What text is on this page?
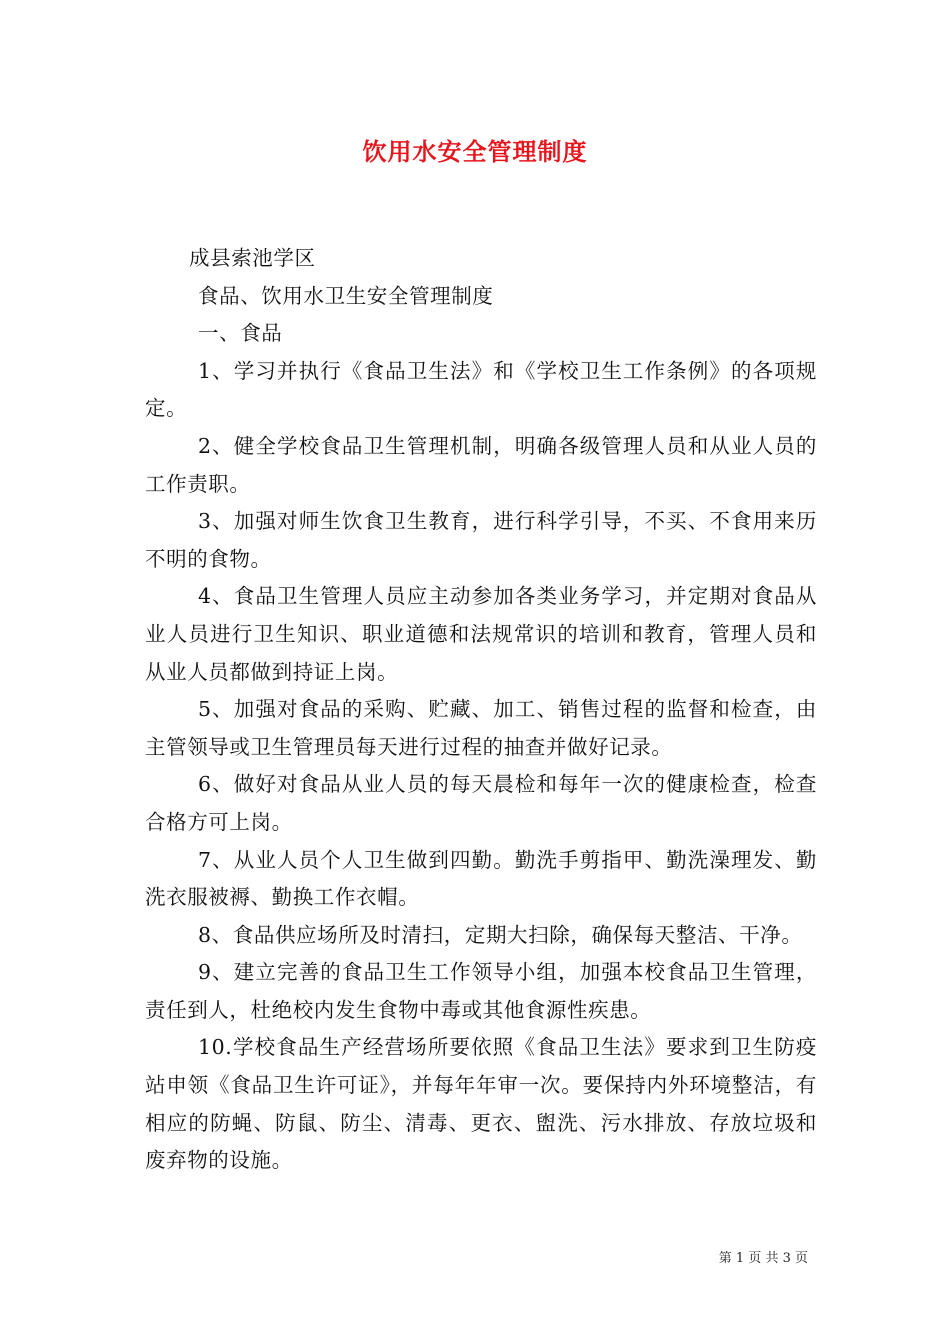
饮用水安全管理制度

成县索池学区

食品、饮用水卫生安全管理制度

一、食品

1、学习并执行《食品卫生法》和《学校卫生工作条例》的各项规定。

2、健全学校食品卫生管理机制，明确各级管理人员和从业人员的工作责职。

3、加强对师生饮食卫生教育，进行科学引导，不买、不食用来历不明的食物。

4、食品卫生管理人员应主动参加各类业务学习，并定期对食品从业人员进行卫生知识、职业道德和法规常识的培训和教育，管理人员和从业人员都做到持证上岗。

5、加强对食品的采购、贮藏、加工、销售过程的监督和检查，由主管领导或卫生管理员每天进行过程的抽查并做好记录。

6、做好对食品从业人员的每天晨检和每年一次的健康检查，检查合格方可上岗。

7、从业人员个人卫生做到四勤。勤洗手剪指甲、勤洗澡理发、勤洗衣服被褥、勤换工作衣帽。

8、食品供应场所及时清扫，定期大扫除，确保每天整洁、干净。

9、建立完善的食品卫生工作领导小组，加强本校食品卫生管理，责任到人，杜绝校内发生食物中毒或其他食源性疾患。

10.学校食品生产经营场所要依照《食品卫生法》要求到卫生防疫站申领《食品卫生许可证》，并每年年审一次。要保持内外环境整洁，有相应的防蝇、防鼠、防尘、清毒、更衣、盥洗、污水排放、存放垃圾和废弃物的设施。

第 1 页 共 3 页
